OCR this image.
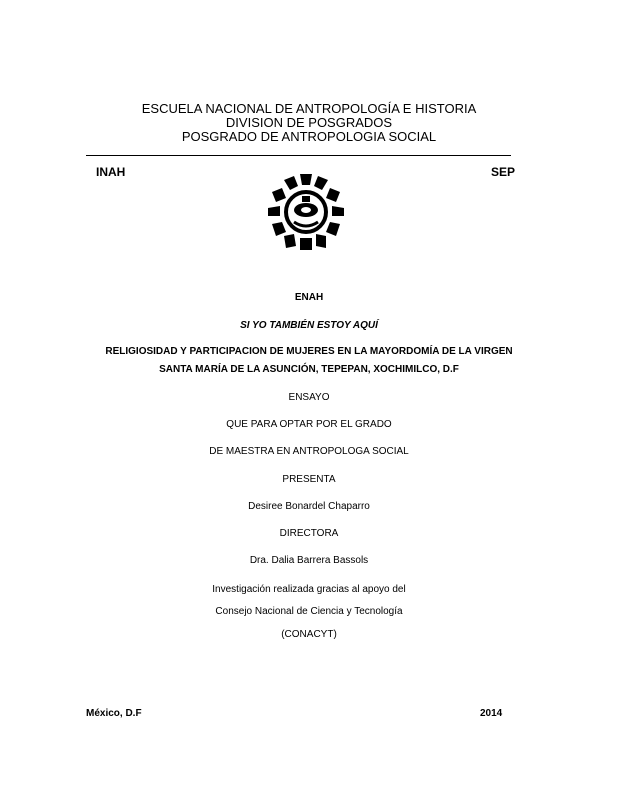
ESCUELA NACIONAL DE ANTROPOLOGÍA E HISTORIA
DIVISION DE POSGRADOS
POSGRADO DE ANTROPOLOGIA SOCIAL
INAH	SEP
ENAH
SI YO TAMBIÉN ESTOY AQUÍ
RELIGIOSIDAD Y PARTICIPACION DE MUJERES EN LA MAYORDOMÍA DE LA VIRGEN
SANTA MARÍA DE LA ASUNCIÓN, TEPEPAN, XOCHIMILCO, D.F
ENSAYO
QUE PARA OPTAR POR EL GRADO
DE MAESTRA EN ANTROPOLOGA SOCIAL
PRESENTA
Desiree Bonardel Chaparro
DIRECTORA
Dra. Dalia Barrera Bassols
Investigación realizada gracias al apoyo del
Consejo Nacional de Ciencia y Tecnología
(CONACYT)
México, D.F	2014
